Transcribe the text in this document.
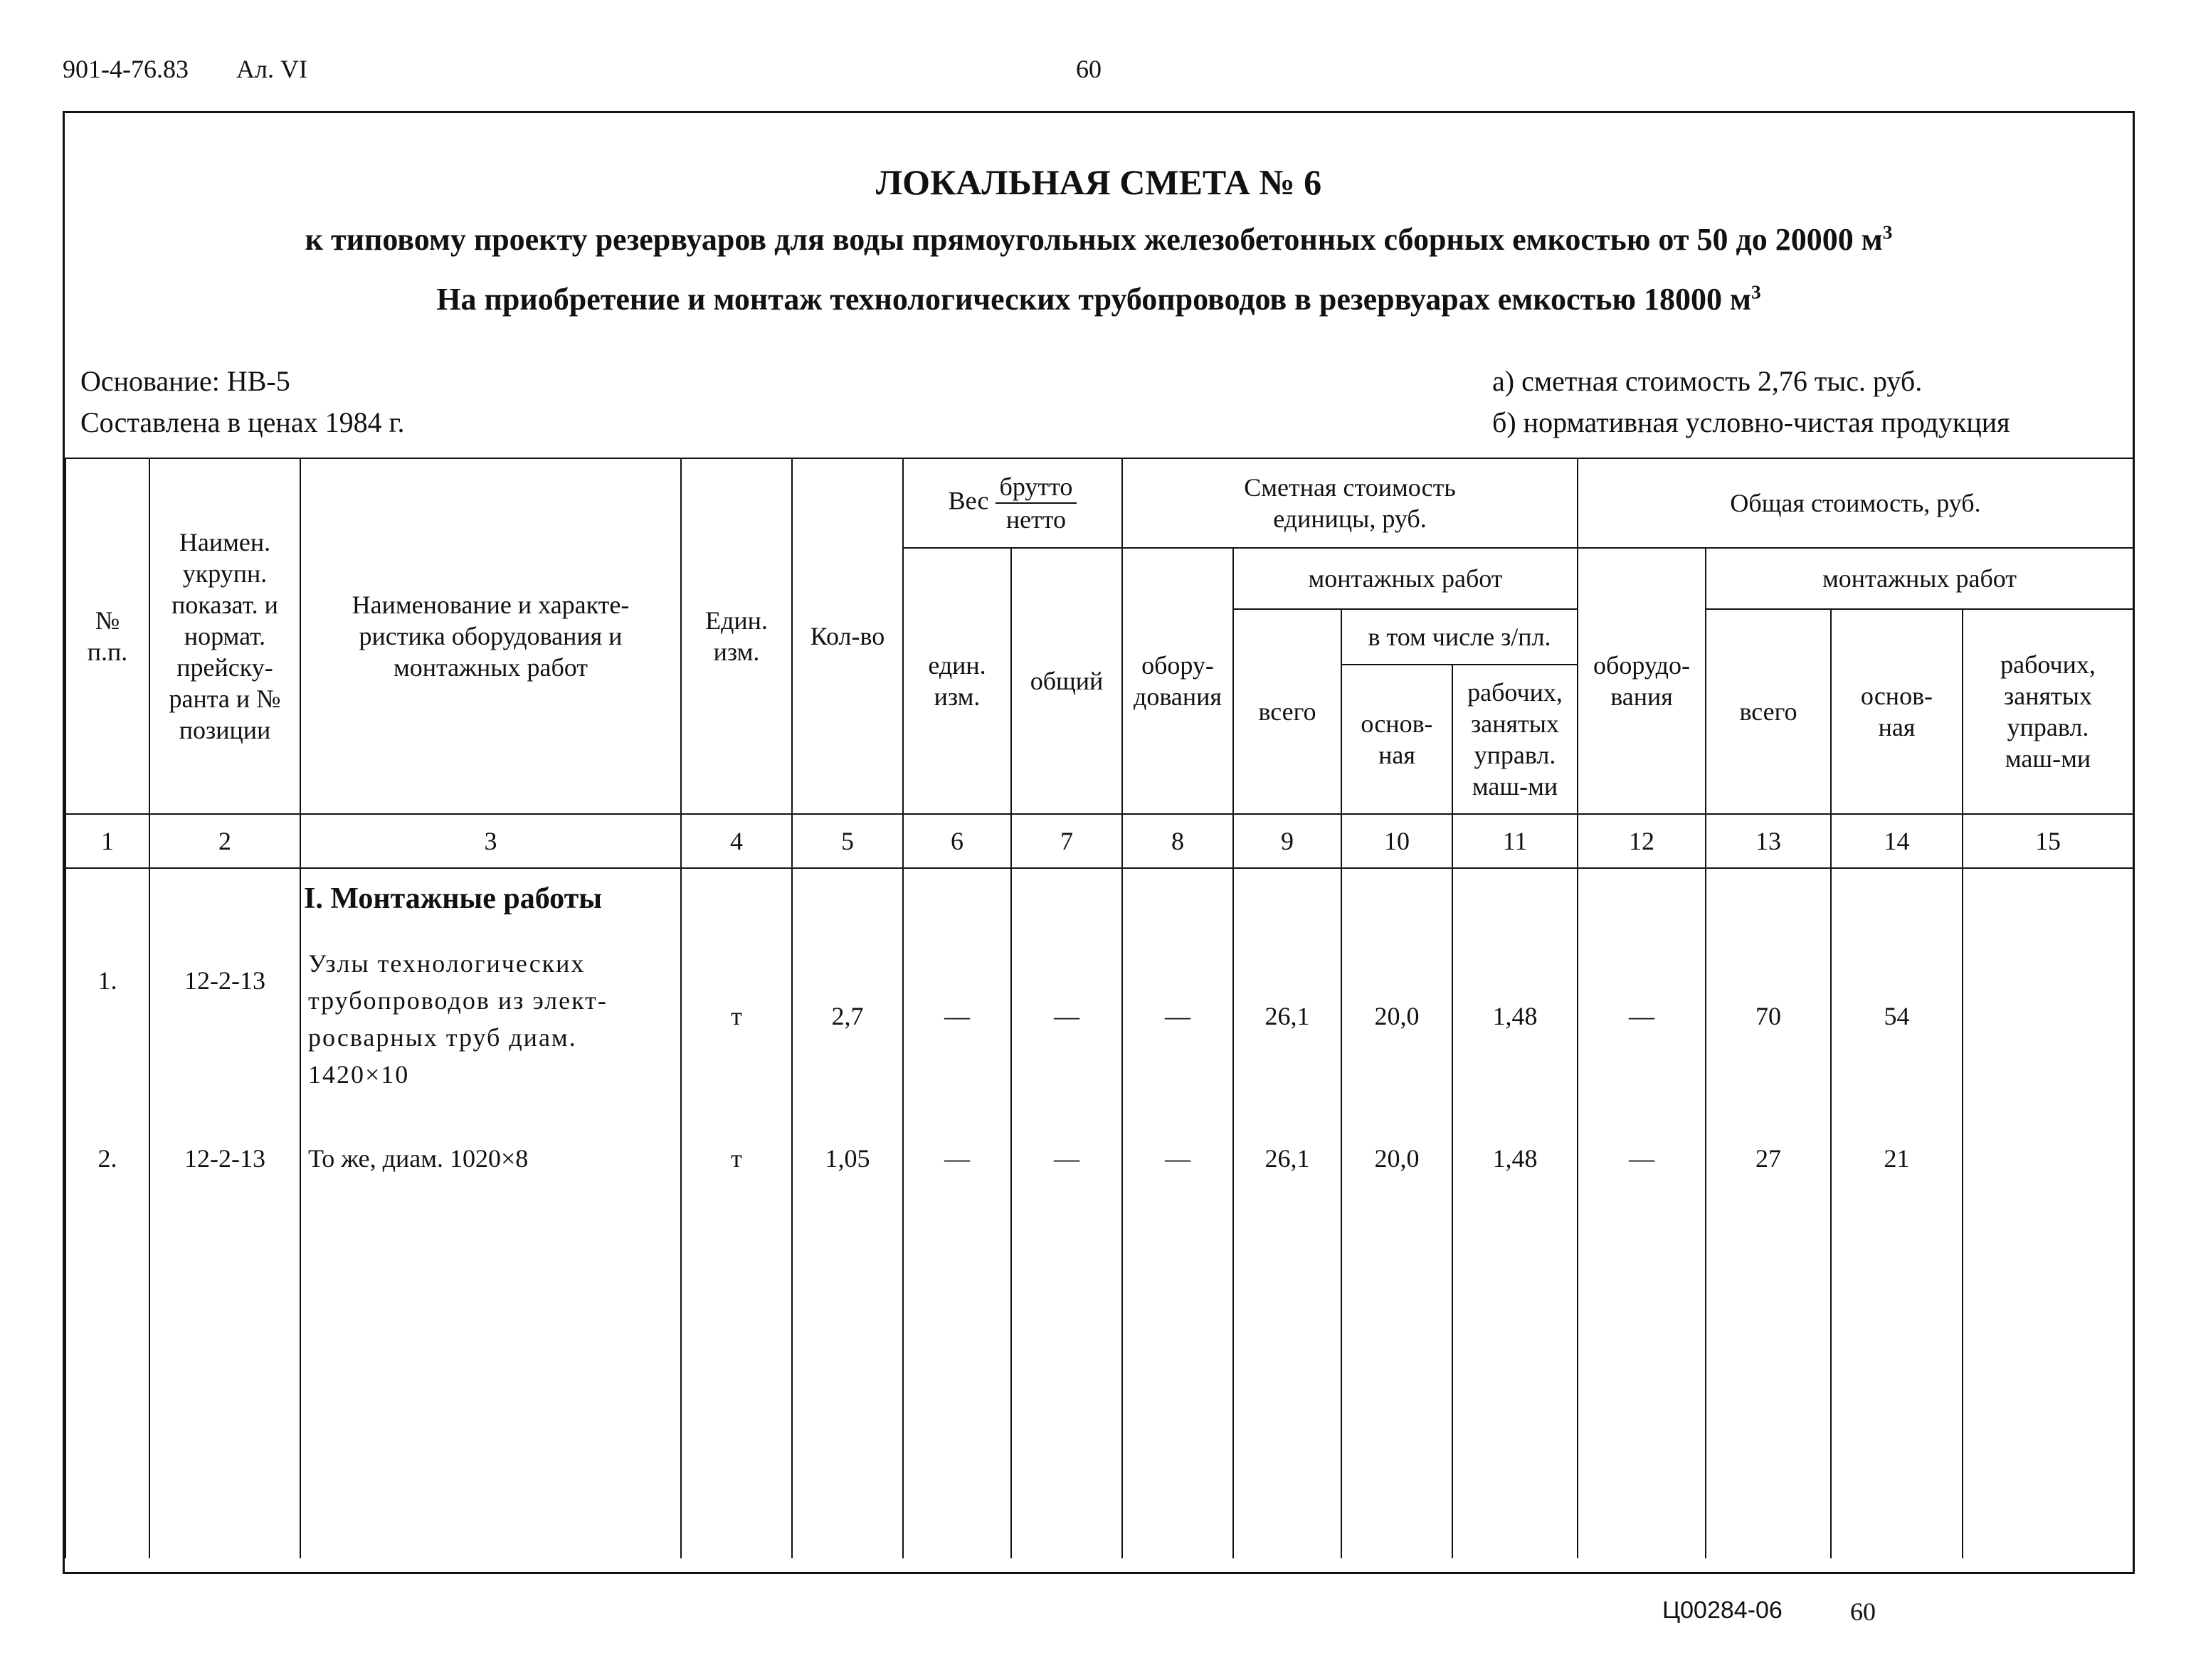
901-4-76.83 Ал. VI	60
ЛОКАЛЬНАЯ СМЕТА № 6
к типовому проекту резервуаров для воды прямоугольных железобетонных сборных емкостью от 50 до 20000 $м^3$
На приобретение и монтаж технологических трубопроводов в резервуарах емкостью 18000 $м^3$
Основание: НВ-5
Составлена в ценах 1984 г.
а) сметная стоимость 2,76 тыс. руб.
б) нормативная условно-чистая продукция
№ п.п.	Наимен. укрупн. показат. и нормат. прейску-ранта и № позиции	Наименование и характе-ристика оборудования и монтажных работ	Един. изм.	Кол-во	Вес $\frac{\text{брутто}}{\text{нетто}}$		Сметная стоимость единицы, руб.				Общая стоимость, руб.			
					един. изм.	общий	обору-дования	монтажных работ			оборудо-вания	монтажных работ		
								всего	в том числе з/пл.			всего	основ-ная	рабочих, занятых управл. маш-ми
									основ-ная	рабочих, занятых управл. маш-ми				

1	2	3	4	5	6	7	8	9	10	11	12	13	14	15
		I. Монтажные работы												
1.	12-2-13	Узлы технологических трубопроводов из элект-росварных труб диам. 1420×10	т	2,7	—	—	—	26,1	20,0	1,48	—	70	54	
2.	12-2-13	То же, диам. 1020×8	т	1,05	—	—	—	26,1	20,0	1,48	—	27	21	

Ц00284-06	60
